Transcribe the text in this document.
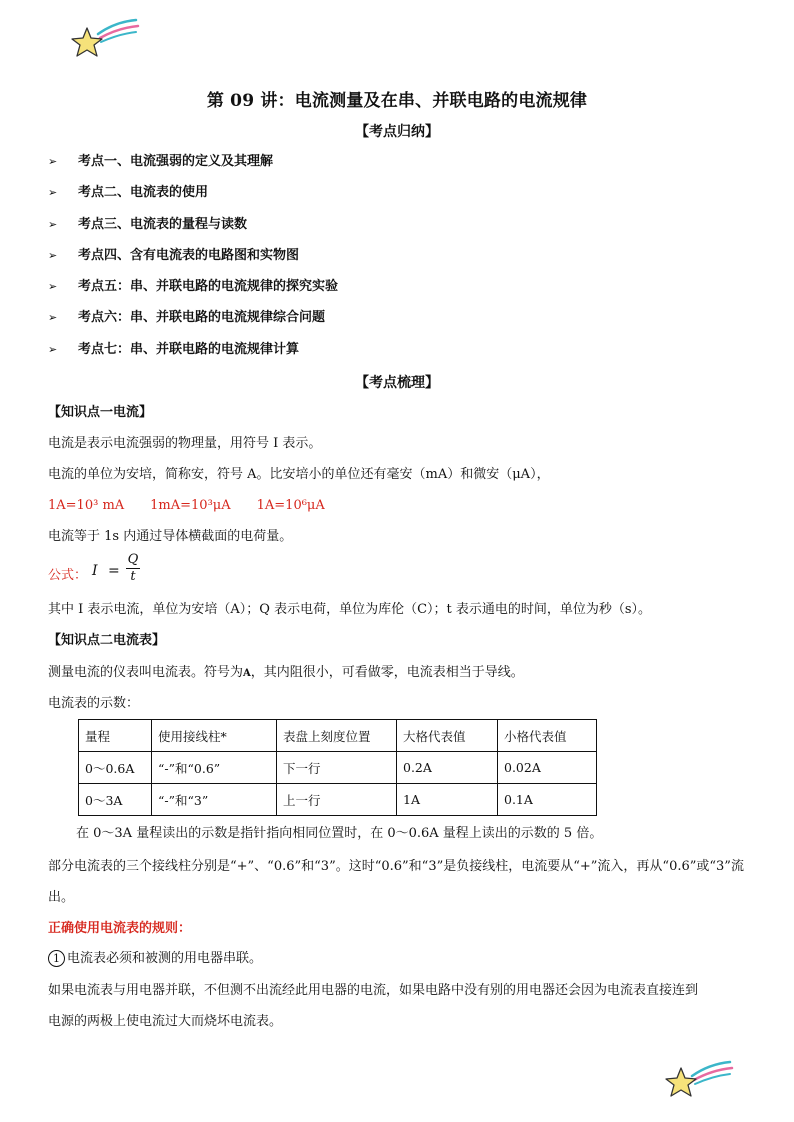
第 09 讲：电流测量及在串、并联电路的电流规律
【考点归纳】
➢ 考点一、电流强弱的定义及其理解
➢ 考点二、电流表的使用
➢ 考点三、电流表的量程与读数
➢ 考点四、含有电流表的电路图和实物图
➢ 考点五：串、并联电路的电流规律的探究实验
➢ 考点六：串、并联电路的电流规律综合问题
➢ 考点七：串、并联电路的电流规律计算
【考点梳理】
【知识点一电流】
电流是表示电流强弱的物理量，用符号 I 表示。
电流的单位为安培，简称安，符号 A。比安培小的单位还有毫安（mA）和微安（μA），
1A=10³ mA　　1mA=10³μA　　1A=10⁶μA
电流等于 1s 内通过导体横截面的电荷量。
公式： I =
Q
t
其中 I 表示电流，单位为安培（A）；Q 表示电荷，单位为库伦（C）；t 表示通电的时间，单位为秒（s）。
【知识点二电流表】
测量电流的仪表叫电流表。符号为A，其内阻很小，可看做零，电流表相当于导线。
电流表的示数：
量程	使用接线柱*	表盘上刻度位置	大格代表值	小格代表值
0～0.6A	“-”和“0.6”	下一行	0.2A	0.02A
0～3A	“-”和“3”	上一行	1A	0.1A
在 0～3A 量程读出的示数是指针指向相同位置时，在 0～0.6A 量程上读出的示数的 5 倍。
部分电流表的三个接线柱分别是“+”、“0.6”和“3”。这时“0.6”和“3”是负接线柱，电流要从“+”流入，再从“0.6”或“3”流
出。
正确使用电流表的规则：
1 电流表必须和被测的用电器串联。
如果电流表与用电器并联，不但测不出流经此用电器的电流，如果电路中没有别的用电器还会因为电流表直接连到
电源的两极上使电流过大而烧坏电流表。
